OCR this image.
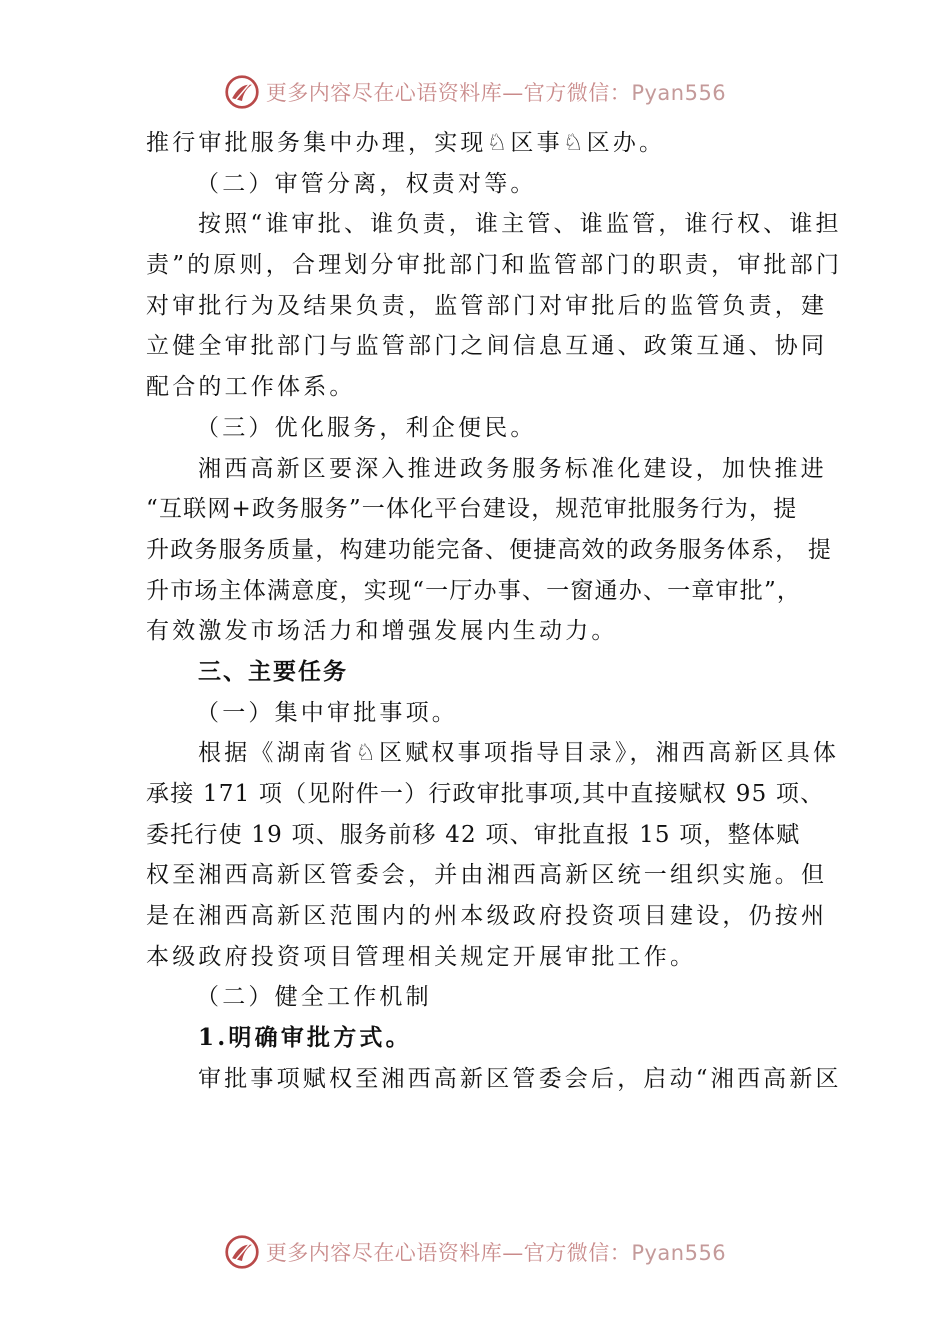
更多内容尽在心语资料库—官方微信：Pyan556
推行审批服务集中办理，实现♘区事♘区办。
（二）审管分离，权责对等。
按照“谁审批、谁负责，谁主管、谁监管，谁行权、谁担
责”的原则，合理划分审批部门和监管部门的职责，审批部门
对审批行为及结果负责，监管部门对审批后的监管负责，建
立健全审批部门与监管部门之间信息互通、政策互通、协同
配合的工作体系。
（三）优化服务，利企便民。
湘西高新区要深入推进政务服务标准化建设，加快推进
“互联网+政务服务”一体化平台建设，规范审批服务行为，提
升政务服务质量，构建功能完备、便捷高效的政务服务体系， 提
升市场主体满意度，实现“一厅办事、一窗通办、一章审批”，
有效激发市场活力和增强发展内生动力。
三、主要任务
（一）集中审批事项。
根据《湖南省♘区赋权事项指导目录》，湘西高新区具体
承接 171 项（见附件一）行政审批事项,其中直接赋权 95 项、
委托行使 19 项、服务前移 42 项、审批直报 15 项，整体赋
权至湘西高新区管委会，并由湘西高新区统一组织实施。但
是在湘西高新区范围内的州本级政府投资项目建设，仍按州
本级政府投资项目管理相关规定开展审批工作。
（二）健全工作机制
1.明确审批方式。
审批事项赋权至湘西高新区管委会后，启动“湘西高新区
更多内容尽在心语资料库—官方微信：Pyan556
